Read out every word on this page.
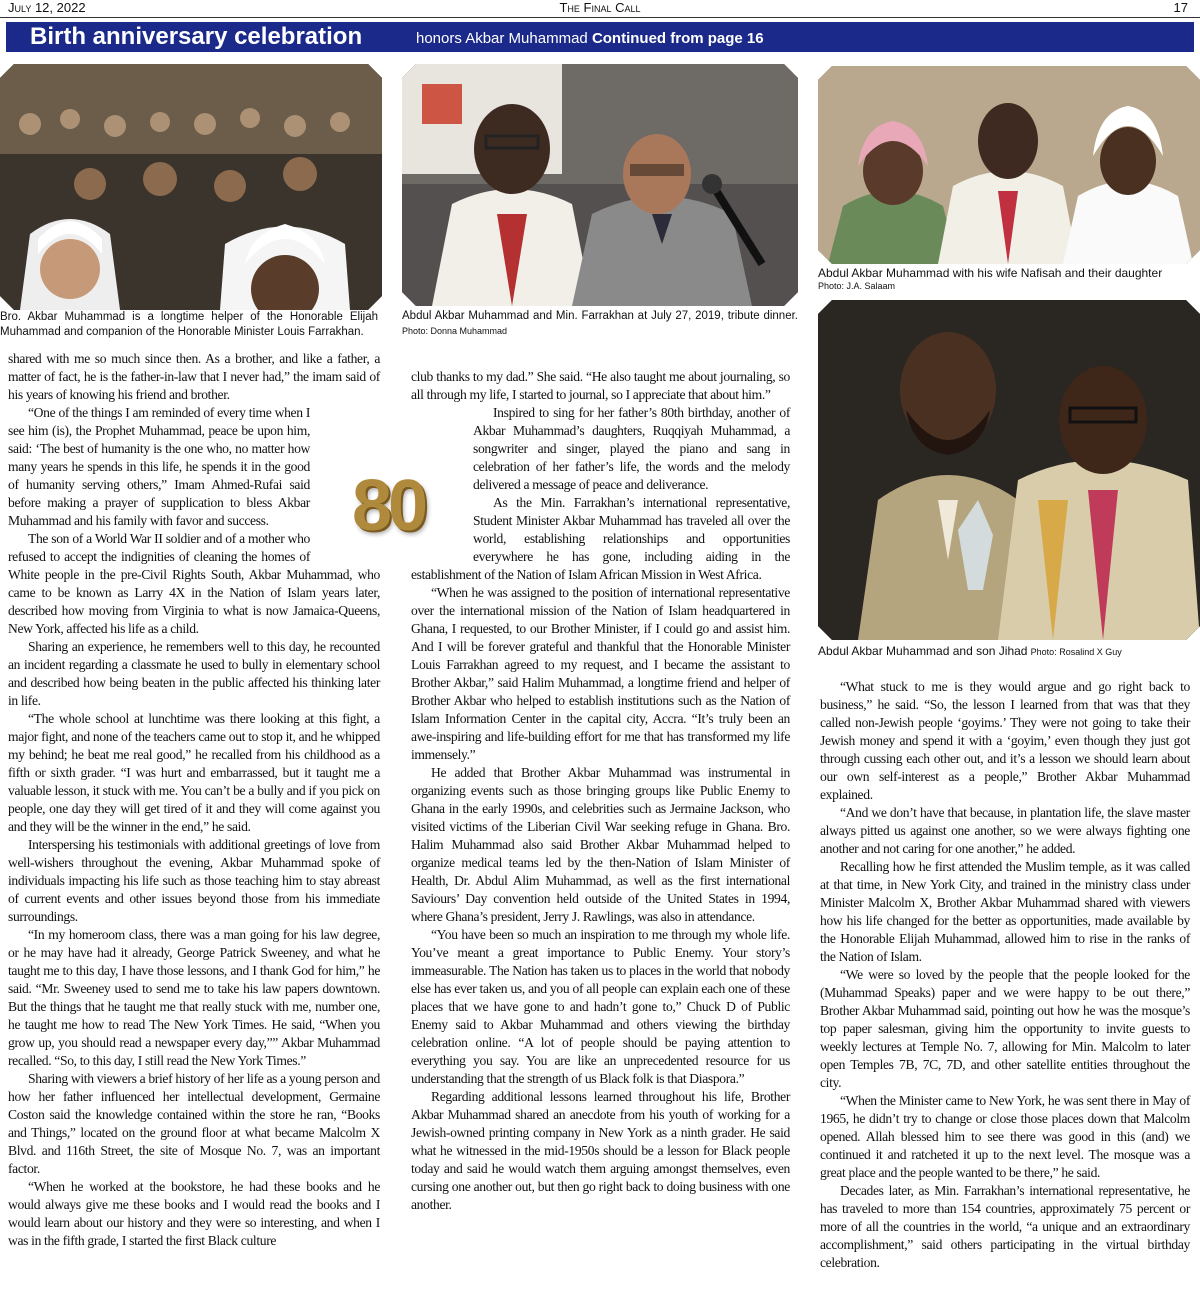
July 12, 2022	The Final Call	17
Birth anniversary celebration	honors Akbar Muhammad Continued from page 16
Bro. Akbar Muhammad is a longtime helper of the Honorable Elijah Muhammad and companion of the Honorable Minister Louis Farrakhan.
Abdul Akbar Muhammad and Min. Farrakhan at July 27, 2019, tribute dinner. Photo: Donna Muhammad
Abdul Akbar Muhammad with his wife Nafisah and their daughter
Photo: J.A. Salaam
Abdul Akbar Muhammad and son Jihad Photo: Rosalind X Guy
80

shared with me so much since then. As a brother, and like a father, a matter of fact, he is the father-in-law that I never had,” the imam said of his years of knowing his friend and brother.

“One of the things I am reminded of every time when I see him (is), the Prophet Muhammad, peace be upon him, said: ‘The best of humanity is the one who, no matter how many years he spends in this life, he spends it in the good of humanity serving others,” Imam Ahmed-Rufai said before making a prayer of supplication to bless Akbar Muhammad and his family with favor and success.

The son of a World War II soldier and of a mother who refused to accept the indignities of cleaning the homes of White people in the pre-Civil Rights South, Akbar Muhammad, who came to be known as Larry 4X in the Nation of Islam years later, described how moving from Virginia to what is now Jamaica-Queens, New York, affected his life as a child.

Sharing an experience, he remembers well to this day, he recounted an incident regarding a classmate he used to bully in elementary school and described how being beaten in the public affected his thinking later in life.

“The whole school at lunchtime was there looking at this fight, a major fight, and none of the teachers came out to stop it, and he whipped my behind; he beat me real good,” he recalled from his childhood as a fifth or sixth grader. “I was hurt and embarrassed, but it taught me a valuable lesson, it stuck with me. You can’t be a bully and if you pick on people, one day they will get tired of it and they will come against you and they will be the winner in the end,” he said.

Interspersing his testimonials with additional greetings of love from well-wishers throughout the evening, Akbar Muhammad spoke of individuals impacting his life such as those teaching him to stay abreast of current events and other issues beyond those from his immediate surroundings.

“In my homeroom class, there was a man going for his law degree, or he may have had it already, George Patrick Sweeney, and what he taught me to this day, I have those lessons, and I thank God for him,” he said. “Mr. Sweeney used to send me to take his law papers downtown. But the things that he taught me that really stuck with me, number one, he taught me how to read The New York Times. He said, “When you grow up, you should read a newspaper every day,”” Akbar Muhammad recalled. “So, to this day, I still read the New York Times.”

Sharing with viewers a brief history of her life as a young person and how her father influenced her intellectual development, Germaine Coston said the knowledge contained within the store he ran, “Books and Things,” located on the ground floor at what became Malcolm X Blvd. and 116th Street, the site of Mosque No. 7, was an important factor.

“When he worked at the bookstore, he had these books and he would always give me these books and I would read the books and I would learn about our history and they were so interesting, and when I was in the fifth grade, I started the first Black culture

club thanks to my dad.” She said. “He also taught me about journaling, so all through my life, I started to journal, so I appreciate that about him.”

Inspired to sing for her father’s 80th birthday, another of Akbar Muhammad’s daughters, Ruqqiyah Muhammad, a songwriter and singer, played the piano and sang in celebration of her father’s life, the words and the melody delivered a message of peace and deliverance.

As the Min. Farrakhan’s international representative, Student Minister Akbar Muhammad has traveled all over the world, establishing relationships and opportunities everywhere he has gone, including aiding in the establishment of the Nation of Islam African Mission in West Africa.

“When he was assigned to the position of international representative over the international mission of the Nation of Islam headquartered in Ghana, I requested, to our Brother Minister, if I could go and assist him. And I will be forever grateful and thankful that the Honorable Minister Louis Farrakhan agreed to my request, and I became the assistant to Brother Akbar,” said Halim Muhammad, a longtime friend and helper of Brother Akbar who helped to establish institutions such as the Nation of Islam Information Center in the capital city, Accra. “It’s truly been an awe-inspiring and life-building effort for me that has transformed my life immensely.”

He added that Brother Akbar Muhammad was instrumental in organizing events such as those bringing groups like Public Enemy to Ghana in the early 1990s, and celebrities such as Jermaine Jackson, who visited victims of the Liberian Civil War seeking refuge in Ghana. Bro. Halim Muhammad also said Brother Akbar Muhammad helped to organize medical teams led by the then-Nation of Islam Minister of Health, Dr. Abdul Alim Muhammad, as well as the first international Saviours’ Day convention held outside of the United States in 1994, where Ghana’s president, Jerry J. Rawlings, was also in attendance.

“You have been so much an inspiration to me through my whole life. You’ve meant a great importance to Public Enemy. Your story’s immeasurable. The Nation has taken us to places in the world that nobody else has ever taken us, and you of all people can explain each one of these places that we have gone to and hadn’t gone to,” Chuck D of Public Enemy said to Akbar Muhammad and others viewing the birthday celebration online. “A lot of people should be paying attention to everything you say. You are like an unprecedented resource for us understanding that the strength of us Black folk is that Diaspora.”

Regarding additional lessons learned throughout his life, Brother Akbar Muhammad shared an anecdote from his youth of working for a Jewish-owned printing company in New York as a ninth grader. He said what he witnessed in the mid-1950s should be a lesson for Black people today and said he would watch them arguing amongst themselves, even cursing one another out, but then go right back to doing business with one another.

“What stuck to me is they would argue and go right back to business,” he said. “So, the lesson I learned from that was that they called non-Jewish people ‘goyims.’ They were not going to take their Jewish money and spend it with a ‘goyim,’ even though they just got through cussing each other out, and it’s a lesson we should learn about our own self-interest as a people,” Brother Akbar Muhammad explained.

“And we don’t have that because, in plantation life, the slave master always pitted us against one another, so we were always fighting one another and not caring for one another,” he added.

Recalling how he first attended the Muslim temple, as it was called at that time, in New York City, and trained in the ministry class under Minister Malcolm X, Brother Akbar Muhammad shared with viewers how his life changed for the better as opportunities, made available by the Honorable Elijah Muhammad, allowed him to rise in the ranks of the Nation of Islam.

“We were so loved by the people that the people looked for the (Muhammad Speaks) paper and we were happy to be out there,” Brother Akbar Muhammad said, pointing out how he was the mosque’s top paper salesman, giving him the opportunity to invite guests to weekly lectures at Temple No. 7, allowing for Min. Malcolm to later open Temples 7B, 7C, 7D, and other satellite entities throughout the city.

“When the Minister came to New York, he was sent there in May of 1965, he didn’t try to change or close those places down that Malcolm opened. Allah blessed him to see there was good in this (and) we continued it and ratcheted it up to the next level. The mosque was a great place and the people wanted to be there,” he said.

Decades later, as Min. Farrakhan’s international representative, he has traveled to more than 154 countries, approximately 75 percent or more of all the countries in the world, “a unique and an extraordinary accomplishment,” said others participating in the virtual birthday celebration.
